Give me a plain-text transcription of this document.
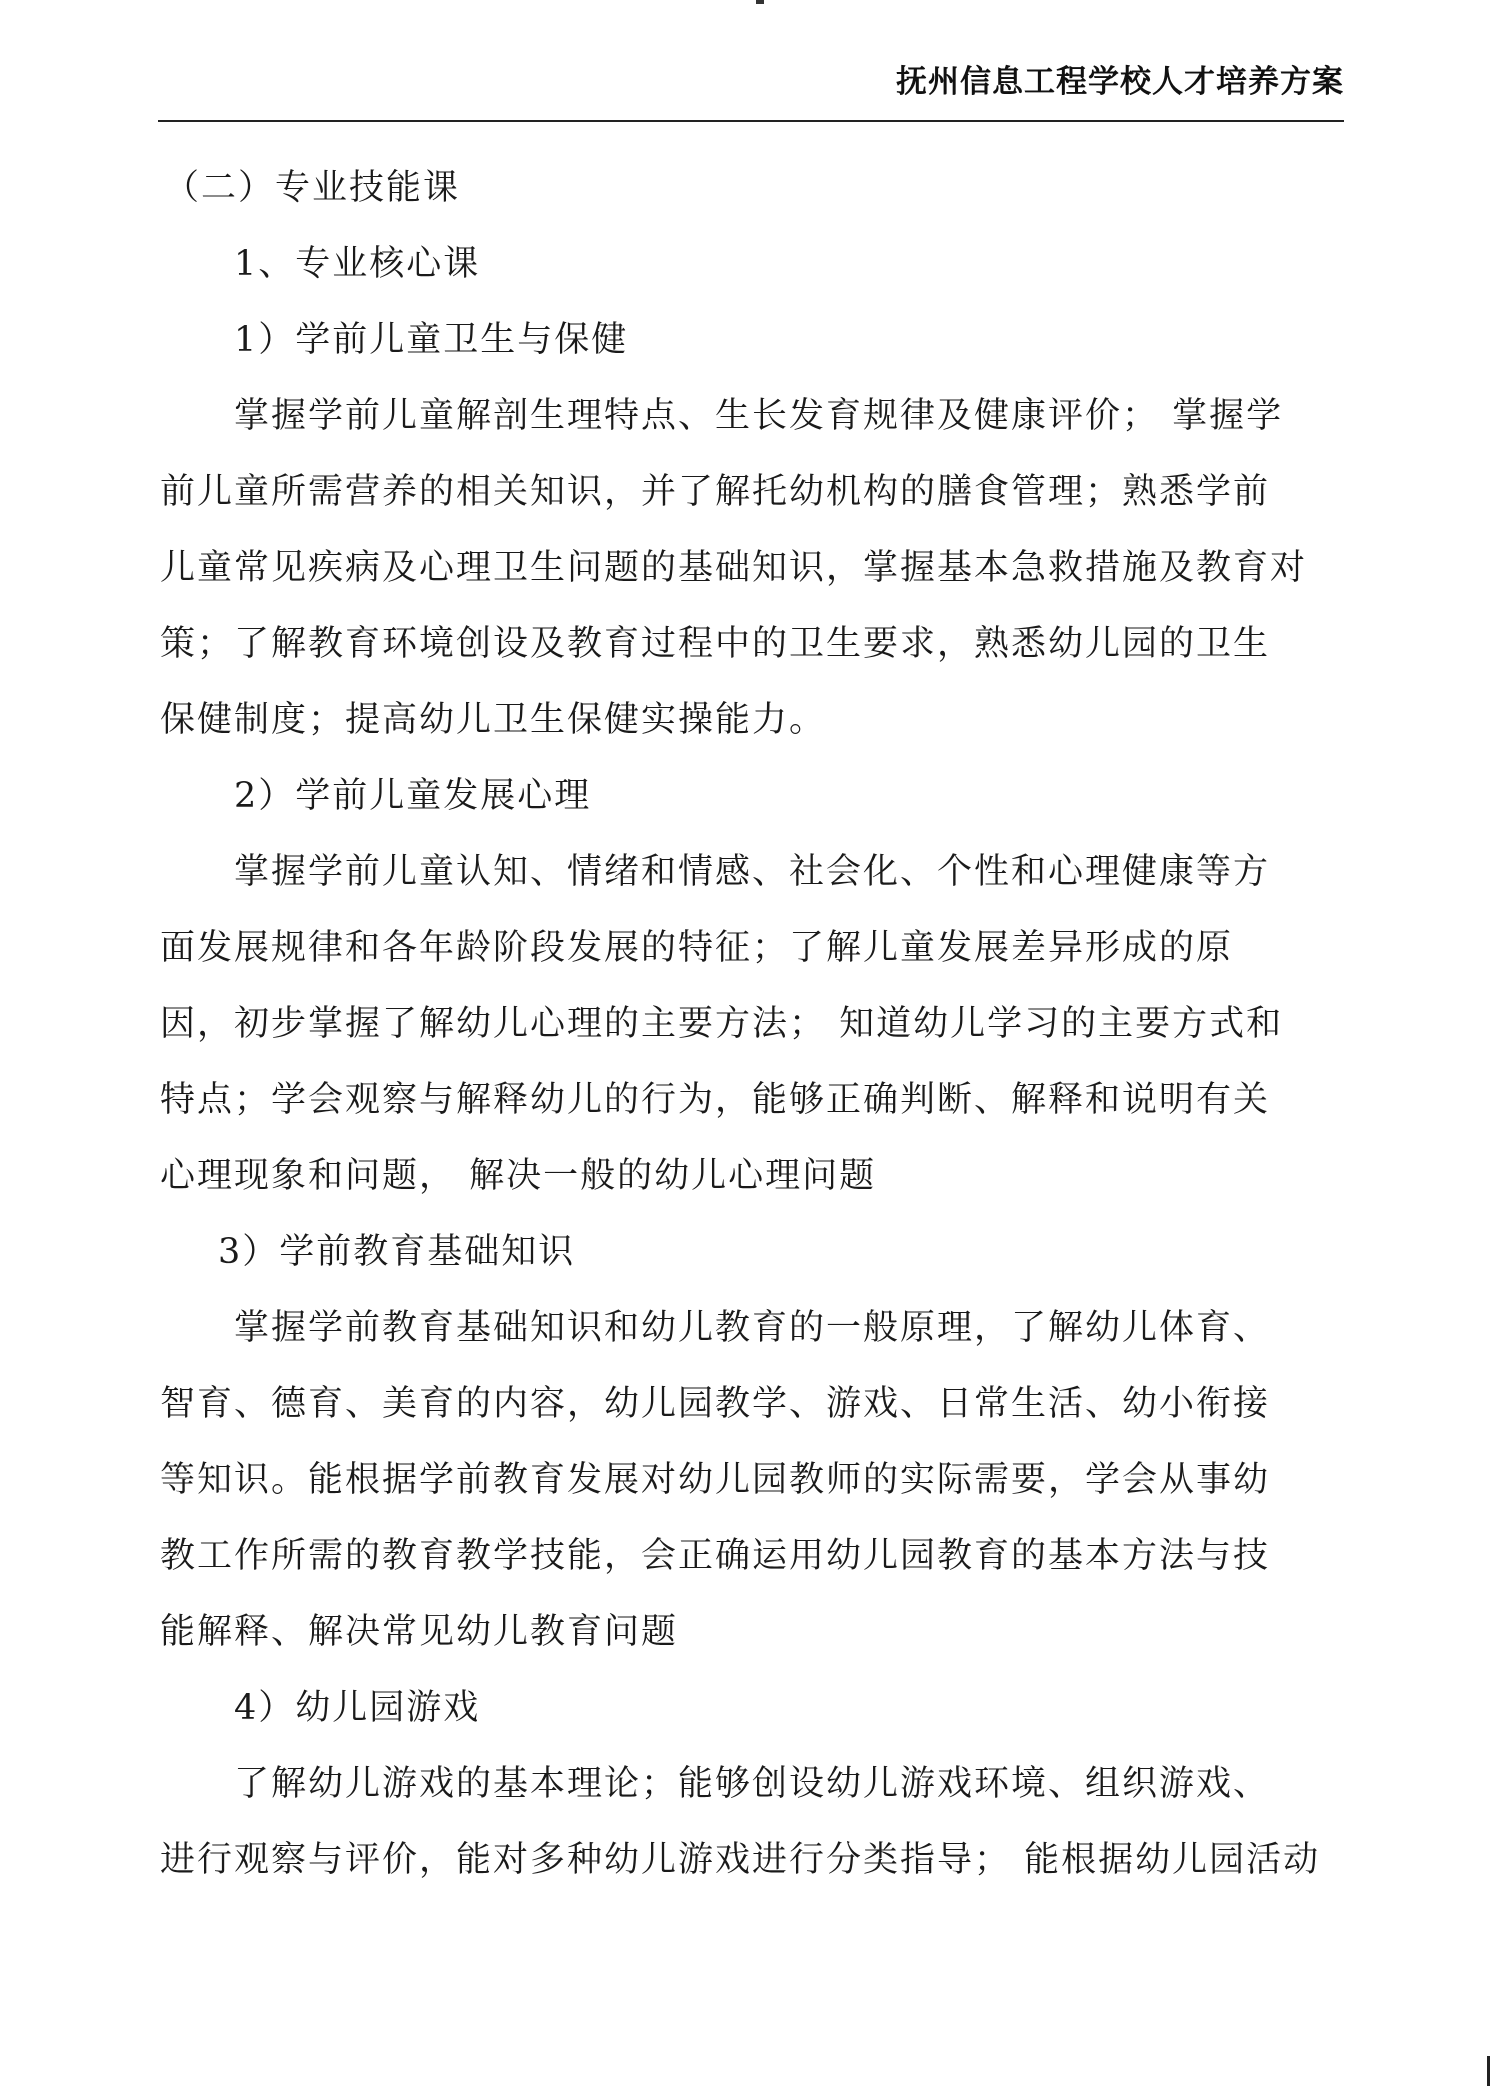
抚州信息工程学校人才培养方案
（二）专业技能课
1、专业核心课
1）学前儿童卫生与保健
掌握学前儿童解剖生理特点、生长发育规律及健康评价； 掌握学
前儿童所需营养的相关知识，并了解托幼机构的膳食管理；熟悉学前
儿童常见疾病及心理卫生问题的基础知识，掌握基本急救措施及教育对
策；了解教育环境创设及教育过程中的卫生要求，熟悉幼儿园的卫生
保健制度；提高幼儿卫生保健实操能力。
2）学前儿童发展心理
掌握学前儿童认知、情绪和情感、社会化、个性和心理健康等方
面发展规律和各年龄阶段发展的特征；了解儿童发展差异形成的原
因，初步掌握了解幼儿心理的主要方法； 知道幼儿学习的主要方式和
特点；学会观察与解释幼儿的行为，能够正确判断、解释和说明有关
心理现象和问题， 解决一般的幼儿心理问题
3）学前教育基础知识
掌握学前教育基础知识和幼儿教育的一般原理，了解幼儿体育、
智育、德育、美育的内容，幼儿园教学、游戏、日常生活、幼小衔接
等知识。能根据学前教育发展对幼儿园教师的实际需要，学会从事幼
教工作所需的教育教学技能，会正确运用幼儿园教育的基本方法与技
能解释、解决常见幼儿教育问题
4）幼儿园游戏
了解幼儿游戏的基本理论；能够创设幼儿游戏环境、组织游戏、
进行观察与评价，能对多种幼儿游戏进行分类指导； 能根据幼儿园活动
